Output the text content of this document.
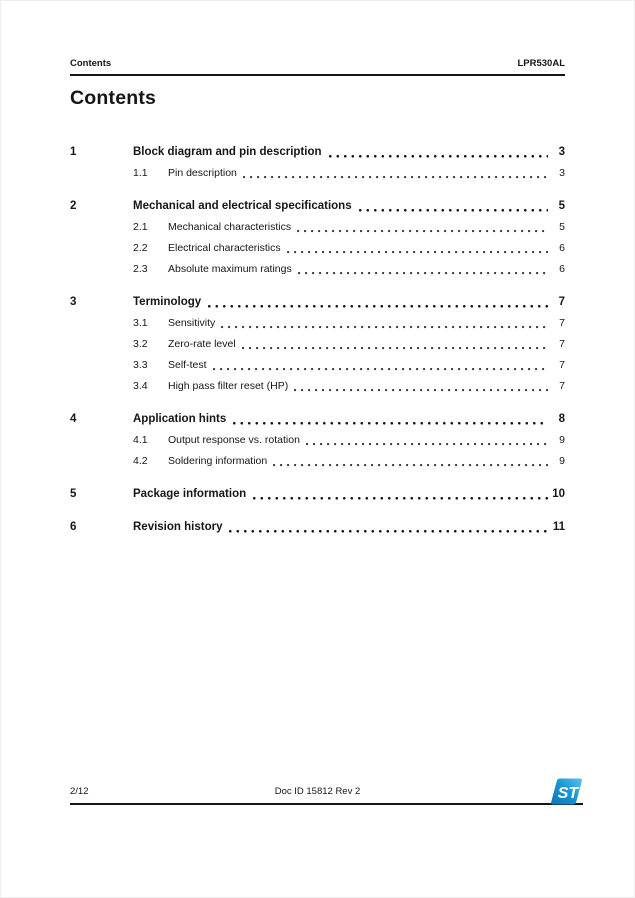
Contents	LPR530AL
Contents
1	Block diagram and pin description	3
1.1	Pin description	3
2	Mechanical and electrical specifications	5
2.1	Mechanical characteristics	5
2.2	Electrical characteristics	6
2.3	Absolute maximum ratings	6
3	Terminology	7
3.1	Sensitivity	7
3.2	Zero-rate level	7
3.3	Self-test	7
3.4	High pass filter reset (HP)	7
4	Application hints	8
4.1	Output response vs. rotation	9
4.2	Soldering information	9
5	Package information	10
6	Revision history	11
2/12	Doc ID 15812 Rev 2	ST
